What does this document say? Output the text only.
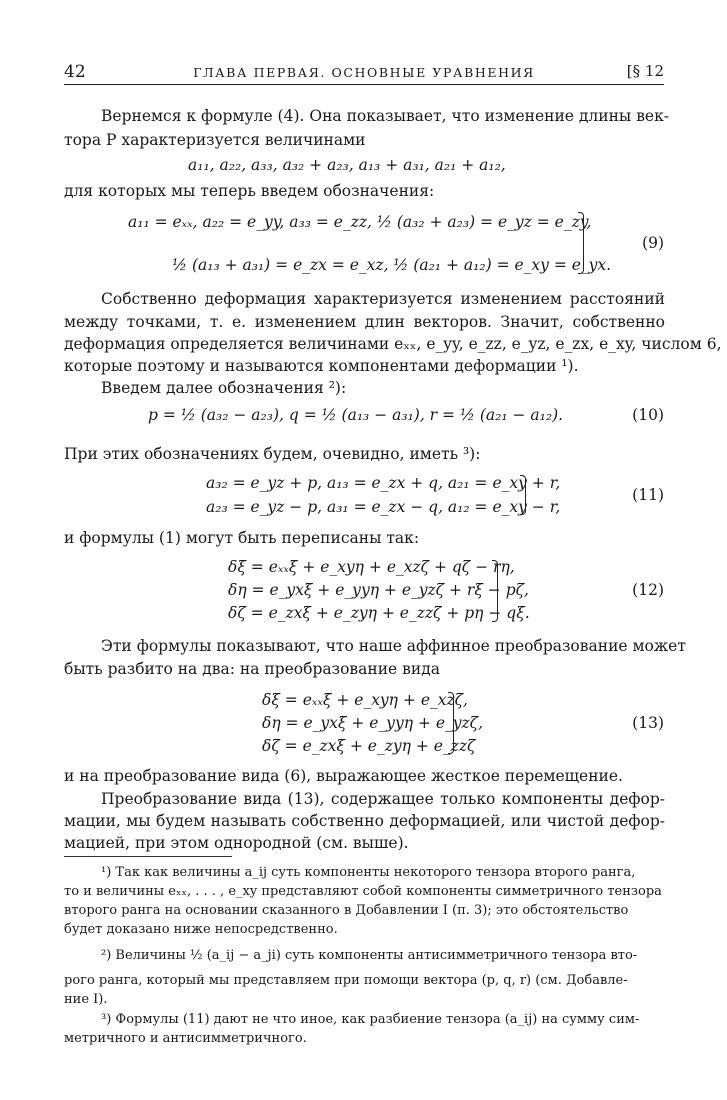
42	ГЛАВА ПЕРВАЯ. ОСНОВНЫЕ УРАВНЕНИЯ	[§ 12
Вернемся к формуле (4). Она показывает, что изменение длины век-
тора P характеризуется величинами
a₁₁, a₂₂, a₃₃, a₃₂ + a₂₃, a₁₃ + a₃₁, a₂₁ + a₁₂,
для которых мы теперь введем обозначения:
a₁₁ = eₓₓ, a₂₂ = e_yy, a₃₃ = e_zz, ½ (a₃₂ + a₂₃) = e_yz = e_zy,
½ (a₁₃ + a₃₁) = e_zx = e_xz, ½ (a₂₁ + a₁₂) = e_xy = e_yx.
(9)
Собственно деформация характеризуется изменением расстояний
между точками, т. е. изменением длин векторов. Значит, собственно
деформация определяется величинами eₓₓ, e_yy, e_zz, e_yz, e_zx, e_xy, числом 6,
которые поэтому и называются компонентами деформации ¹).
Введем далее обозначения ²):
p = ½ (a₃₂ − a₂₃), q = ½ (a₁₃ − a₃₁), r = ½ (a₂₁ − a₁₂).	(10)
При этих обозначениях будем, очевидно, иметь ³):
a₃₂ = e_yz + p, a₁₃ = e_zx + q, a₂₁ = e_xy + r,
a₂₃ = e_yz − p, a₃₁ = e_zx − q, a₁₂ = e_xy − r,
(11)
и формулы (1) могут быть переписаны так:
δξ = eₓₓξ + e_xyη + e_xzζ + qζ − rη,
δη = e_yxξ + e_yyη + e_yzζ + rξ − pζ,
δζ = e_zxξ + e_zyη + e_zzζ + pη − qξ.
(12)
Эти формулы показывают, что наше аффинное преобразование может
быть разбито на два: на преобразование вида
δξ = eₓₓξ + e_xyη + e_xzζ,
δη = e_yxξ + e_yyη + e_yzζ,
δζ = e_zxξ + e_zyη + e_zzζ
(13)
и на преобразование вида (6), выражающее жесткое перемещение.
Преобразование вида (13), содержащее только компоненты дефор-
мации, мы будем называть собственно деформацией, или чистой дефор-
мацией, при этом однородной (см. выше).
¹) Так как величины a_ij суть компоненты некоторого тензора второго ранга,
то и величины eₓₓ, . . . , e_xy представляют собой компоненты симметричного тензора
второго ранга на основании сказанного в Добавлении I (п. 3); это обстоятельство
будет доказано ниже непосредственно.
²) Величины ½ (a_ij − a_ji) суть компоненты антисимметричного тензора вто-
рого ранга, который мы представляем при помощи вектора (p, q, r) (см. Добавле-
ние I).
³) Формулы (11) дают не что иное, как разбиение тензора (a_ij) на сумму сим-
метричного и антисимметричного.
